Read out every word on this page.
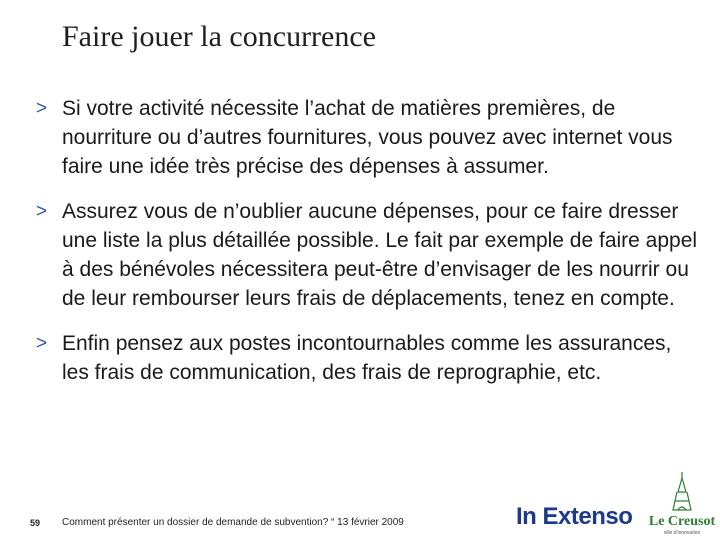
Faire jouer la concurrence
> Si votre activité nécessite l’achat de matières premières, de nourriture ou d’autres fournitures, vous pouvez avec internet vous faire une idée très précise des dépenses à assumer.
> Assurez vous de n’oublier aucune dépenses, pour ce faire dresser une liste la plus détaillée possible. Le fait par exemple de faire appel à des bénévoles nécessitera peut-être d’envisager de les nourrir ou de leur rembourser leurs frais de déplacements, tenez en compte.
> Enfin pensez aux postes incontournables comme les assurances, les frais de communication, des frais de reprographie, etc.
59 Comment présenter un dossier de demande de subvention? “ 13 février 2009	In Extenso Le Creusot
ville d'innovation
